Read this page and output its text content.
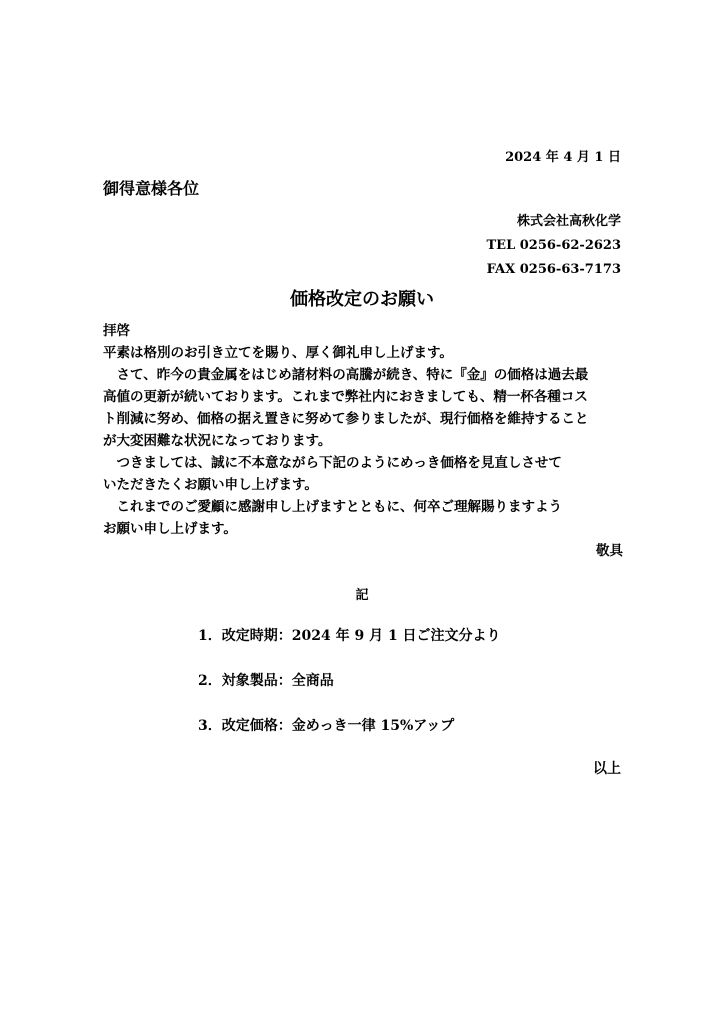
2024 年 4 月 1 日
御得意様各位
株式会社高秋化学
TEL 0256-62-2623
FAX 0256-63-7173
価格改定のお願い

拝啓

平素は格別のお引き立てを賜り、厚く御礼申し上げます。

　さて、昨今の貴金属をはじめ諸材料の高騰が続き、特に『金』の価格は過去最

高値の更新が続いております。これまで弊社内におきましても、精一杯各種コス

ト削減に努め、価格の据え置きに努めて参りましたが、現行価格を維持すること

が大変困難な状況になっております。

　つきましては、誠に不本意ながら下記のようにめっき価格を見直しさせて

いただきたくお願い申し上げます。

　これまでのご愛顧に感謝申し上げますとともに、何卒ご理解賜りますよう

お願い申し上げます。

敬具

記
1．改定時期：2024 年 9 月 1 日ご注文分より
2．対象製品：全商品
3．改定価格：金めっき一律 15%アップ
以上
